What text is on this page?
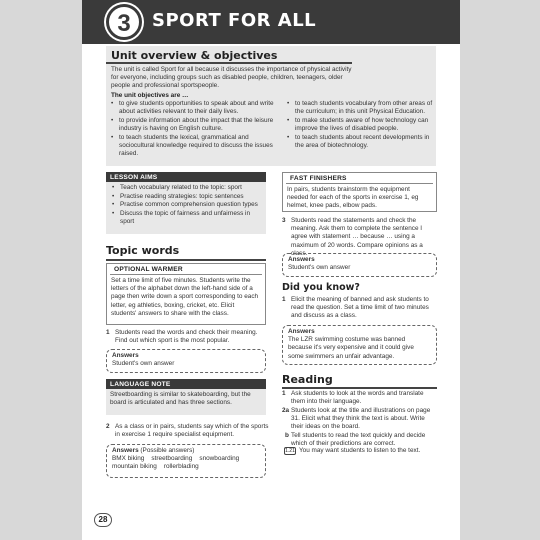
3	SPORT FOR ALL
Unit overview & objectives
The unit is called Sport for all because it discusses the importance of physical activity for everyone, including groups such as disabled people, children, teenagers, older people and professional sportspeople.
The unit objectives are …
• to give students opportunities to speak about and write about activities relevant to their daily lives.
• to provide information about the impact that the leisure industry is having on English culture.
• to teach students the lexical, grammatical and sociocultural knowledge required to discuss the issues raised.
• to teach students vocabulary from other areas of the curriculum; in this unit Physical Education.
• to make students aware of how technology can improve the lives of disabled people.
• to teach students about recent developments in the area of biotechnology.
LESSON AIMS
• Teach vocabulary related to the topic: sport
• Practise reading strategies: topic sentences
• Practise common comprehension question types
• Discuss the topic of fairness and unfairness in sport
Topic words
OPTIONAL WARMER
Set a time limit of five minutes. Students write the letters of the alphabet down the left-hand side of a page then write down a sport corresponding to each letter, eg athletics, boxing, cricket, etc. Elicit students' answers to share with the class.
1 Students read the words and check their meaning. Find out which sport is the most popular.
Answers
Student's own answer
LANGUAGE NOTE
Streetboarding is similar to skateboarding, but the board is articulated and has three sections.
2 As a class or in pairs, students say which of the sports in exercise 1 require specialist equipment.
Answers (Possible answers)
BMX biking    streetboarding    snowboarding
mountain biking    rollerblading
FAST FINISHERS
In pairs, students brainstorm the equipment needed for each of the sports in exercise 1, eg helmet, knee pads, elbow pads.
3 Students read the statements and check the meaning. Ask them to complete the sentence I agree with statement … because … using a maximum of 20 words. Compare opinions as a class.
Answers
Student's own answer
Did you know?
1 Elicit the meaning of banned and ask students to read the question. Set a time limit of two minutes and discuss as a class.
Answers
The LZR swimming costume was banned because it's very expensive and it could give some swimmers an unfair advantage.
Reading
1 Ask students to look at the words and translate them into their language.
2a Students look at the title and illustrations on page 31. Elicit what they think the text is about. Write their ideas on the board.
b Tell students to read the text quickly and decide which of their predictions are correct.
1.21 You may want students to listen to the text.
28
